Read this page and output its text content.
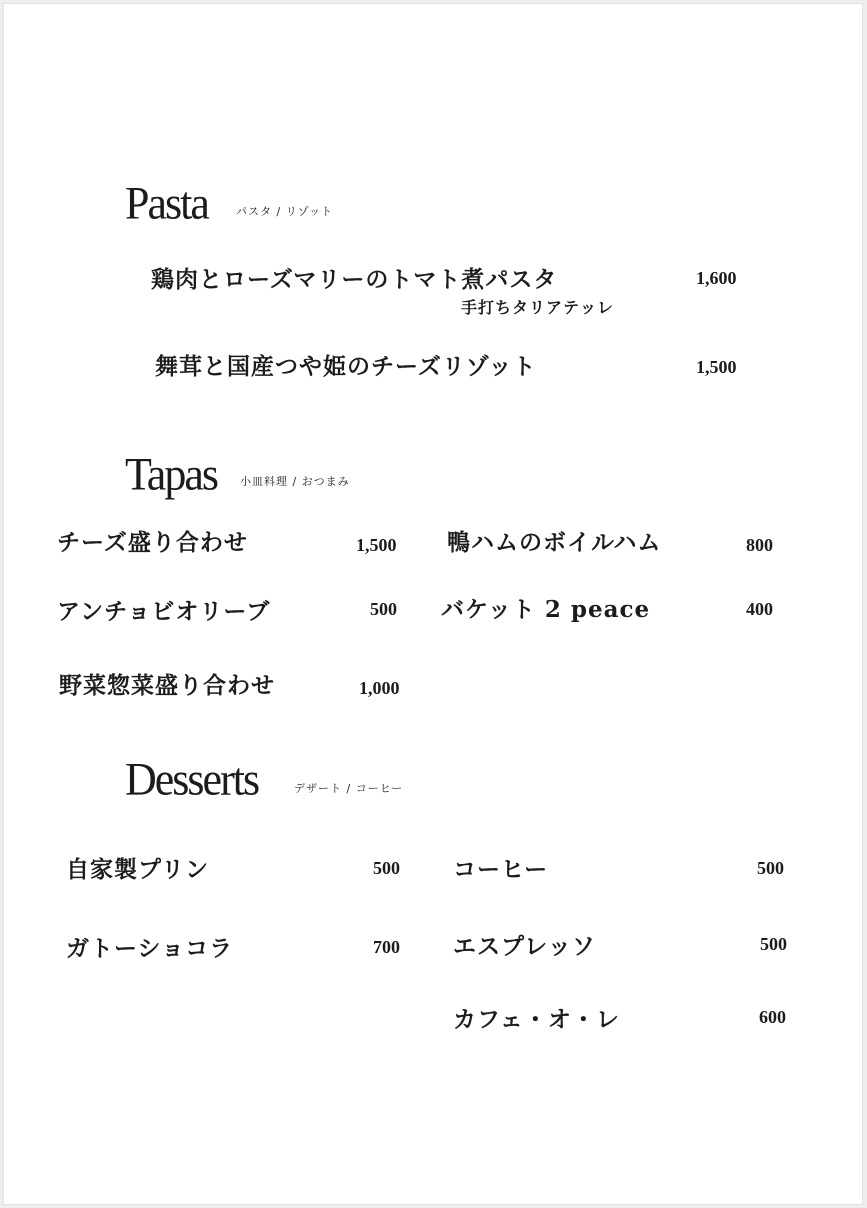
Pasta	パスタ / リゾット
鶏肉とローズマリーのトマト煮パスタ	1,600
手打ちタリアテッレ
舞茸と国産つや姫のチーズリゾット	1,500
Tapas 小皿料理 / おつまみ
チーズ盛り合わせ	1,500 鴨ハムのボイルハム	800
アンチョビオリーブ	500 バケット 2 peace	400
野菜惣菜盛り合わせ	1,000
Desserts	デザート / コーヒー
自家製プリン	500 コーヒー	500
ガトーショコラ	700 エスプレッソ	500
カフェ・オ・レ	600
